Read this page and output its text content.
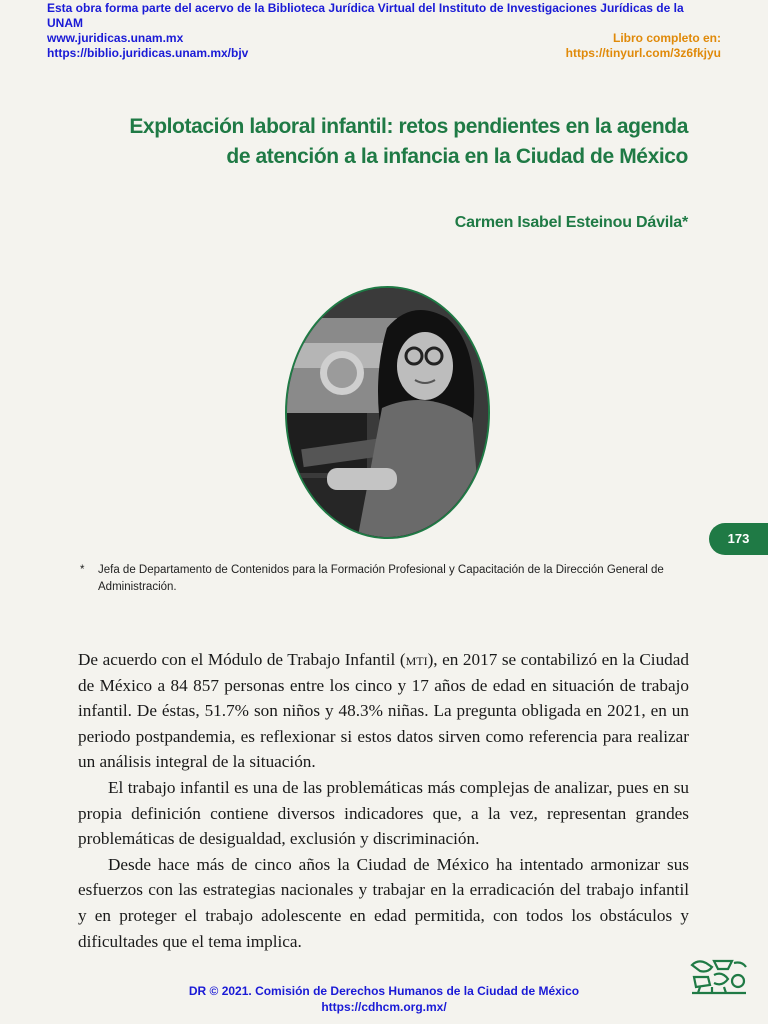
Esta obra forma parte del acervo de la Biblioteca Jurídica Virtual del Instituto de Investigaciones Jurídicas de la UNAM
www.juridicas.unam.mx	Libro completo en:
https://biblio.juridicas.unam.mx/bjv	https://tinyurl.com/3z6fkjyu
Explotación laboral infantil: retos pendientes en la agenda
de atención a la infancia en la Ciudad de México
Carmen Isabel Esteinou Dávila*
173
* Jefa de Departamento de Contenidos para la Formación Profesional y Capacitación de la Dirección General de Administración.

De acuerdo con el Módulo de Trabajo Infantil (mti), en 2017 se contabilizó en la Ciudad de México a 84 857 personas entre los cinco y 17 años de edad en situación de trabajo infantil. De éstas, 51.7% son niños y 48.3% niñas. La pregunta obligada en 2021, en un periodo postpandemia, es reflexionar si estos datos sirven como referencia para realizar un análisis integral de la situación.

El trabajo infantil es una de las problemáticas más complejas de analizar, pues en su propia definición contiene diversos indicadores que, a la vez, representan grandes problemáticas de desigualdad, exclusión y discriminación.

Desde hace más de cinco años la Ciudad de México ha intentado armonizar sus esfuerzos con las estrategias nacionales y trabajar en la erradicación del trabajo infantil y en proteger el trabajo adolescente en edad permitida, con todos los obstáculos y dificultades que el tema implica.

DR © 2021. Comisión de Derechos Humanos de la Ciudad de México
https://cdhcm.org.mx/
